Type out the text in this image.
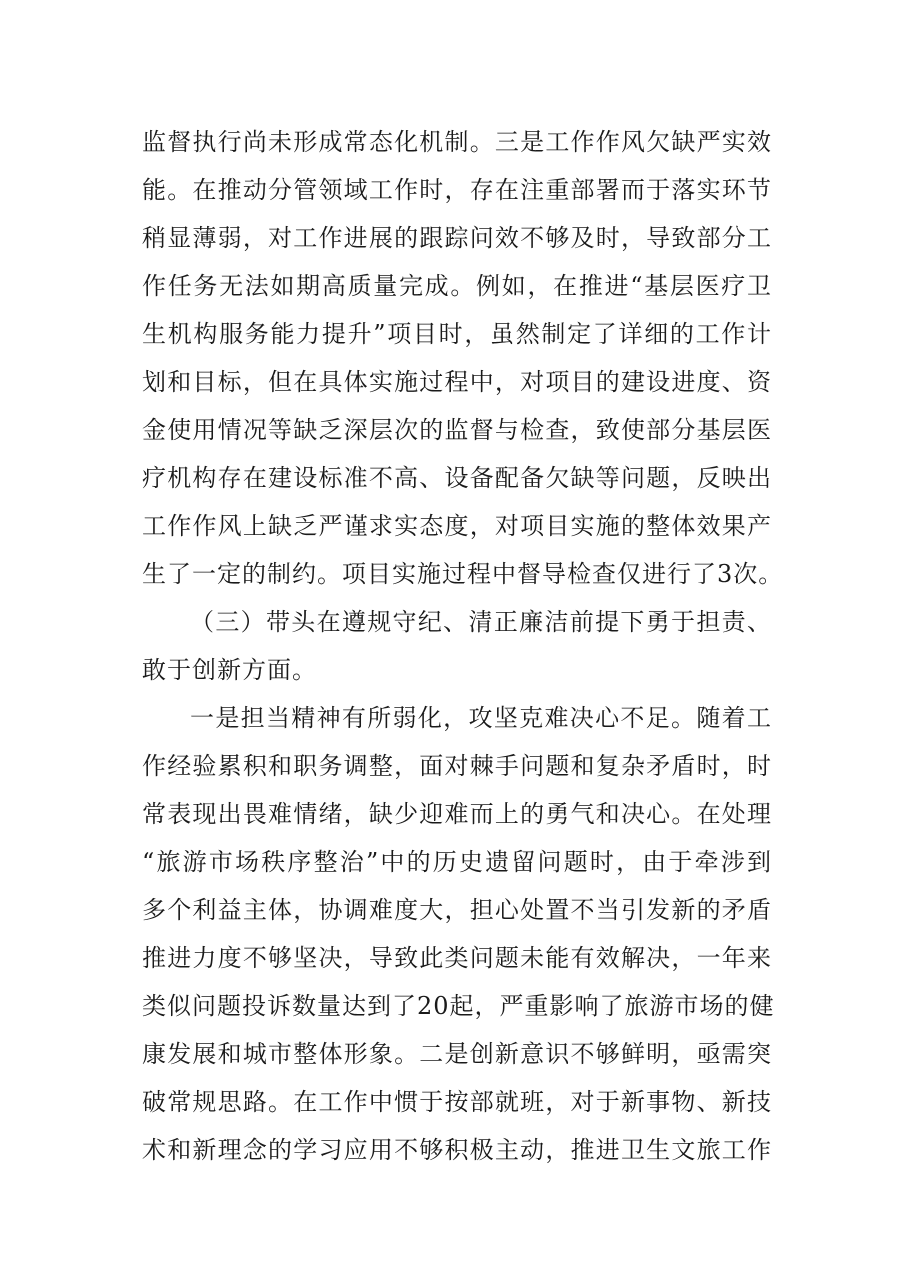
监督执行尚未形成常态化机制。三是工作作风欠缺严实效
能。在推动分管领域工作时，存在注重部署而于落实环节
稍显薄弱，对工作进展的跟踪问效不够及时，导致部分工
作任务无法如期高质量完成。例如，在推进“基层医疗卫
生机构服务能力提升”项目时，虽然制定了详细的工作计
划和目标，但在具体实施过程中，对项目的建设进度、资
金使用情况等缺乏深层次的监督与检查，致使部分基层医
疗机构存在建设标准不高、设备配备欠缺等问题，反映出
工作作风上缺乏严谨求实态度，对项目实施的整体效果产
生了一定的制约。项目实施过程中督导检查仅进行了3次。
（三）带头在遵规守纪、清正廉洁前提下勇于担责、
敢于创新方面。
一是担当精神有所弱化，攻坚克难决心不足。随着工
作经验累积和职务调整，面对棘手问题和复杂矛盾时，时
常表现出畏难情绪，缺少迎难而上的勇气和决心。在处理
“旅游市场秩序整治”中的历史遗留问题时，由于牵涉到
多个利益主体，协调难度大，担心处置不当引发新的矛盾
推进力度不够坚决，导致此类问题未能有效解决，一年来
类似问题投诉数量达到了20起，严重影响了旅游市场的健
康发展和城市整体形象。二是创新意识不够鲜明，亟需突
破常规思路。在工作中惯于按部就班，对于新事物、新技
术和新理念的学习应用不够积极主动，推进卫生文旅工作
